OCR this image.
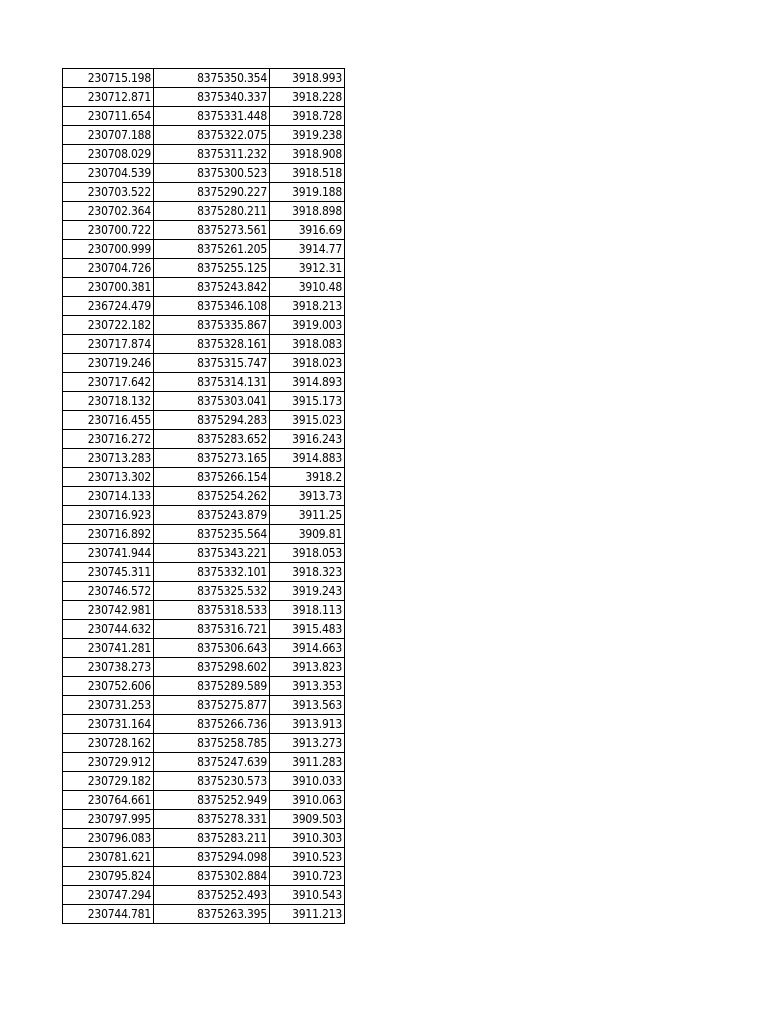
230715.198	8375350.354	3918.993
230712.871	8375340.337	3918.228
230711.654	8375331.448	3918.728
230707.188	8375322.075	3919.238
230708.029	8375311.232	3918.908
230704.539	8375300.523	3918.518
230703.522	8375290.227	3919.188
230702.364	8375280.211	3918.898
230700.722	8375273.561	3916.69
230700.999	8375261.205	3914.77
230704.726	8375255.125	3912.31
230700.381	8375243.842	3910.48
236724.479	8375346.108	3918.213
230722.182	8375335.867	3919.003
230717.874	8375328.161	3918.083
230719.246	8375315.747	3918.023
230717.642	8375314.131	3914.893
230718.132	8375303.041	3915.173
230716.455	8375294.283	3915.023
230716.272	8375283.652	3916.243
230713.283	8375273.165	3914.883
230713.302	8375266.154	3918.2
230714.133	8375254.262	3913.73
230716.923	8375243.879	3911.25
230716.892	8375235.564	3909.81
230741.944	8375343.221	3918.053
230745.311	8375332.101	3918.323
230746.572	8375325.532	3919.243
230742.981	8375318.533	3918.113
230744.632	8375316.721	3915.483
230741.281	8375306.643	3914.663
230738.273	8375298.602	3913.823
230752.606	8375289.589	3913.353
230731.253	8375275.877	3913.563
230731.164	8375266.736	3913.913
230728.162	8375258.785	3913.273
230729.912	8375247.639	3911.283
230729.182	8375230.573	3910.033
230764.661	8375252.949	3910.063
230797.995	8375278.331	3909.503
230796.083	8375283.211	3910.303
230781.621	8375294.098	3910.523
230795.824	8375302.884	3910.723
230747.294	8375252.493	3910.543
230744.781	8375263.395	3911.213
